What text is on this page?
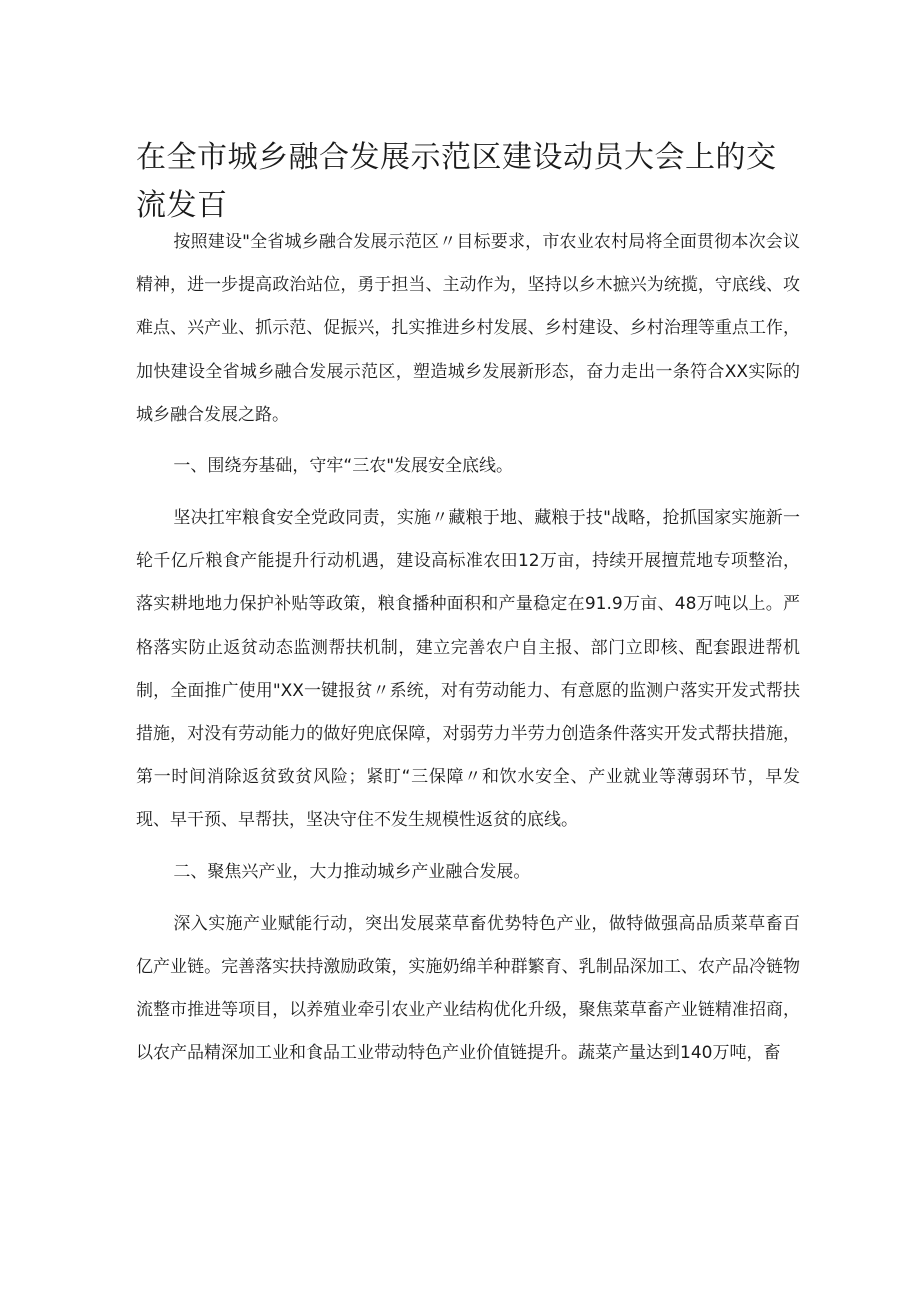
在全市城乡融合发展示范区建设动员大会上的交流发百

按照建设"全省城乡融合发展示范区〃目标要求，市农业农村局将全面贯彻本次会议精神，进一步提高政治站位，勇于担当、主动作为，坚持以乡木摭兴为统揽，守底线、攻难点、兴产业、抓示范、促振兴，扎实推进乡村发展、乡村建设、乡村治理等重点工作，加快建设全省城乡融合发展示范区，塑造城乡发展新形态，奋力走出一条符合XX实际的城乡融合发展之路。

一、围绕夯基础，守牢“三农"发展安全底线。

坚决扛牢粮食安全党政同责，实施〃藏粮于地、藏粮于技"战略，抢抓国家实施新一轮千亿斤粮食产能提升行动机遇，建设高标准农田12万亩，持续开展擅荒地专项整治，落实耕地地力保护补贴等政策，粮食播种面积和产量稳定在91.9万亩、48万吨以上。严格落实防止返贫动态监测帮扶机制，建立完善农户自主报、部门立即核、配套跟进帮机制，全面推广使用"XX一键报贫〃系统，对有劳动能力、有意愿的监测户落实开发式帮扶措施，对没有劳动能力的做好兜底保障，对弱劳力半劳力创造条件落实开发式帮扶措施，第一时间消除返贫致贫风险；紧盯“三保障〃和饮水安全、产业就业等薄弱环节，早发现、早干预、早帮扶，坚决守住不发生规模性返贫的底线。

二、聚焦兴产业，大力推动城乡产业融合发展。

深入实施产业赋能行动，突出发展菜草畜优势特色产业，做特做强高品质菜草畜百亿产业链。完善落实扶持激励政策，实施奶绵羊种群繁育、乳制品深加工、农产品冷链物流整市推进等项目，以养殖业牵引农业产业结构优化升级，聚焦菜草畜产业链精准招商，以农产品精深加工业和食品工业带动特色产业价值链提升。蔬菜产量达到140万吨，畜
